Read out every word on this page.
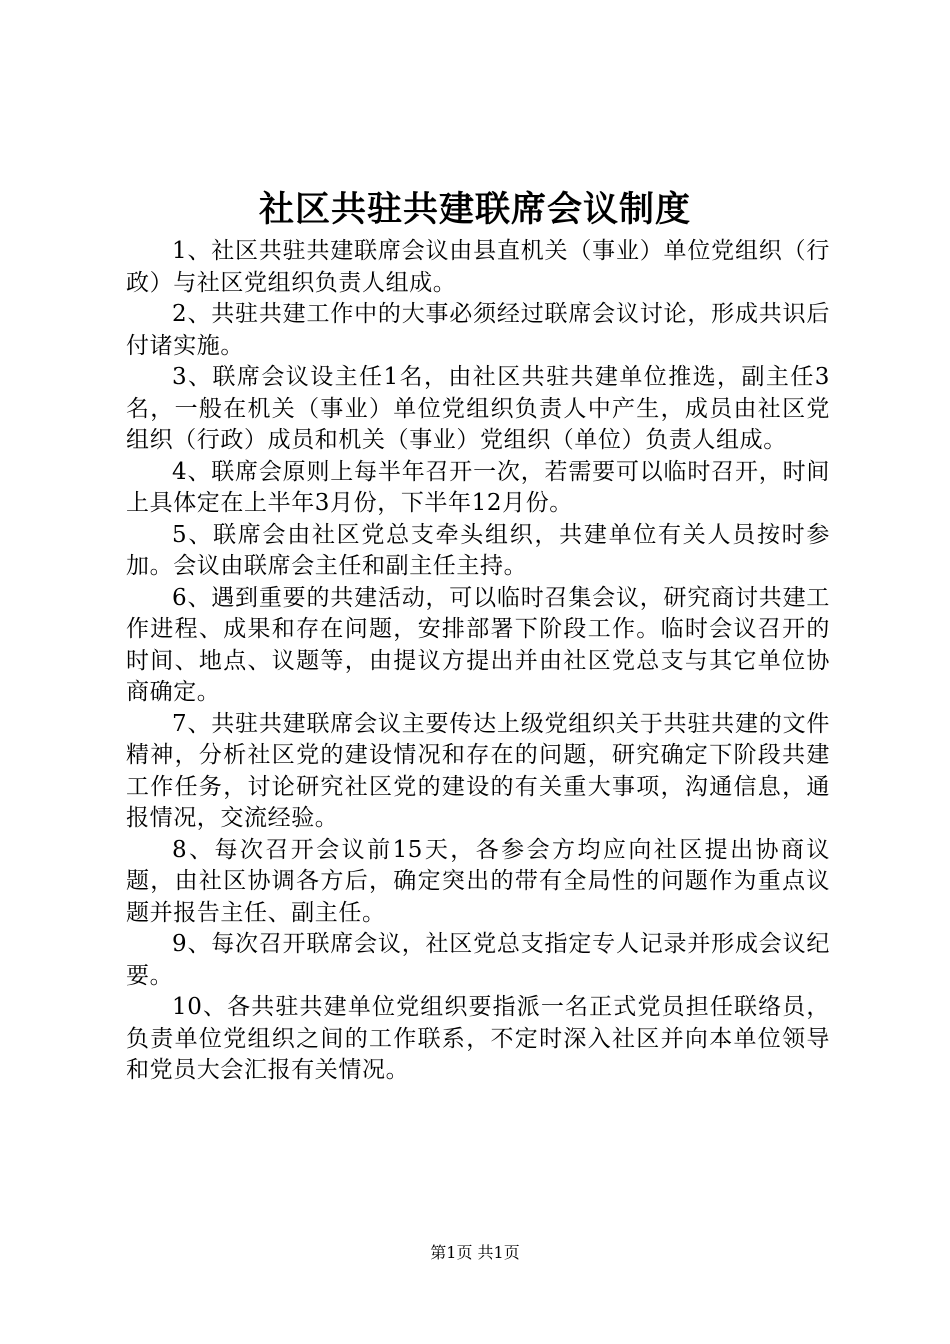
社区共驻共建联席会议制度

1、社区共驻共建联席会议由县直机关（事业）单位党组织（行政）与社区党组织负责人组成。

2、共驻共建工作中的大事必须经过联席会议讨论，形成共识后付诸实施。

3、联席会议设主任1名，由社区共驻共建单位推选，副主任3名，一般在机关（事业）单位党组织负责人中产生，成员由社区党组织（行政）成员和机关（事业）党组织（单位）负责人组成。

4、联席会原则上每半年召开一次，若需要可以临时召开，时间上具体定在上半年3月份，下半年12月份。

5、联席会由社区党总支牵头组织，共建单位有关人员按时参加。会议由联席会主任和副主任主持。

6、遇到重要的共建活动，可以临时召集会议，研究商讨共建工作进程、成果和存在问题，安排部署下阶段工作。临时会议召开的时间、地点、议题等，由提议方提出并由社区党总支与其它单位协商确定。

7、共驻共建联席会议主要传达上级党组织关于共驻共建的文件精神，分析社区党的建设情况和存在的问题，研究确定下阶段共建工作任务，讨论研究社区党的建设的有关重大事项，沟通信息，通报情况，交流经验。

8、每次召开会议前15天，各参会方均应向社区提出协商议题，由社区协调各方后，确定突出的带有全局性的问题作为重点议题并报告主任、副主任。

9、每次召开联席会议，社区党总支指定专人记录并形成会议纪要。

10、各共驻共建单位党组织要指派一名正式党员担任联络员，负责单位党组织之间的工作联系，不定时深入社区并向本单位领导和党员大会汇报有关情况。

第1页 共1页
